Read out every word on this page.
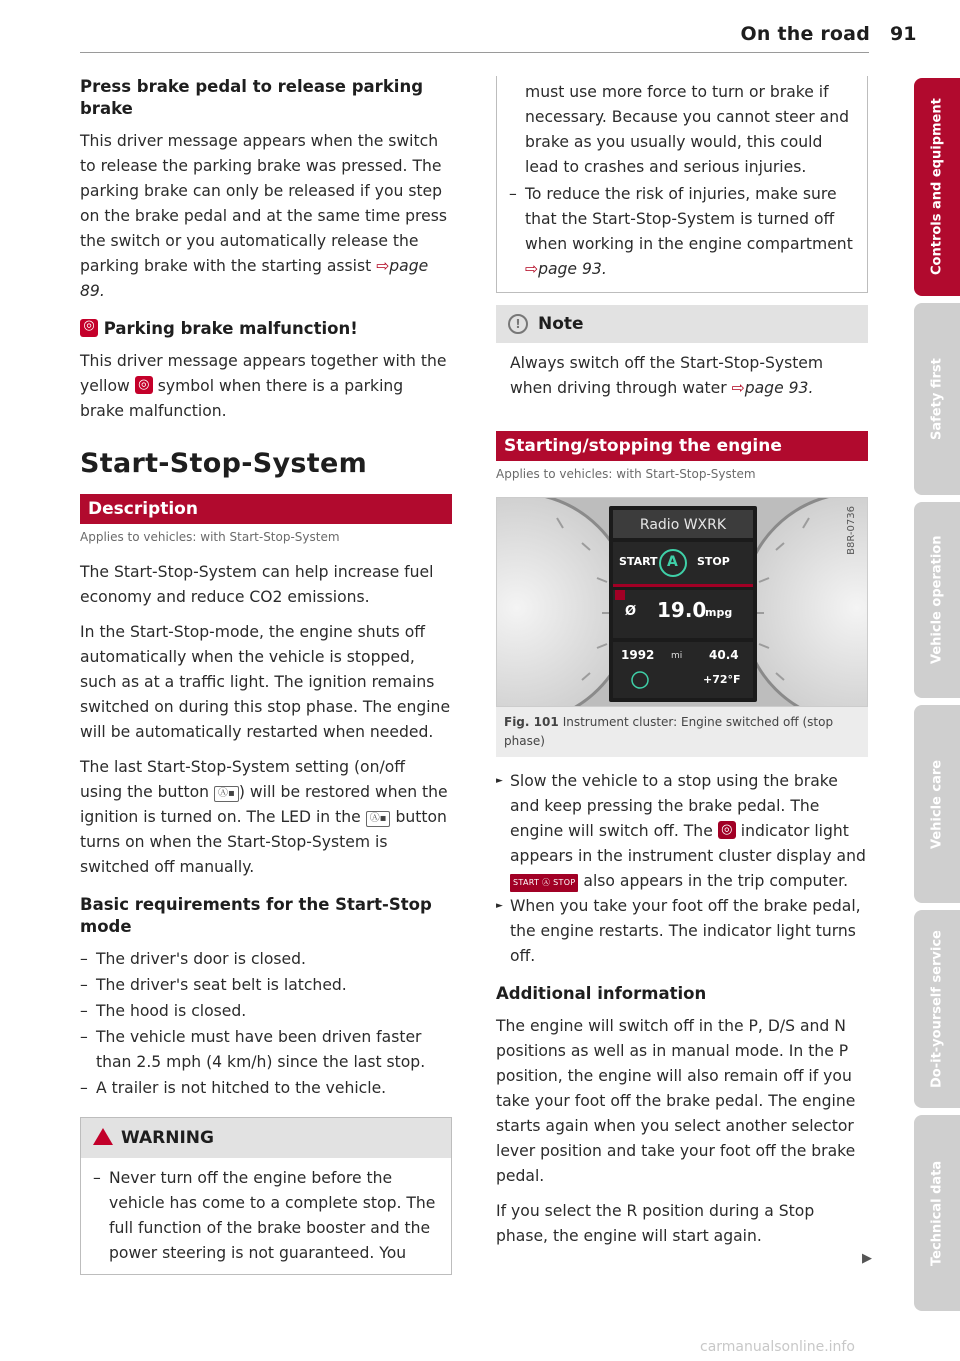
On the road 91
Press brake pedal to release parking brake

This driver message appears when the switch to release the parking brake was pressed. The parking brake can only be released if you step on the brake pedal and at the same time press the switch or you automatically release the parking brake with the starting assist ⇨page 89.

◎ Parking brake malfunction!

This driver message appears together with the yellow ◎ symbol when there is a parking brake malfunction.

Start-Stop-System
Description
Applies to vehicles: with Start-Stop-System

The Start-Stop-System can help increase fuel economy and reduce CO2 emissions.

In the Start-Stop-mode, the engine shuts off automatically when the vehicle is stopped, such as at a traffic light. The ignition remains switched on during this stop phase. The engine will be automatically restarted when needed.

The last Start-Stop-System setting (on/off using the button Ⓐ▪ ) will be restored when the ignition is turned on. The LED in the Ⓐ▪ button turns on when the Start-Stop-System is switched off manually.

Basic requirements for the Start-Stop mode
– The driver's door is closed.
– The driver's seat belt is latched.
– The hood is closed.
– The vehicle must have been driven faster than 2.5 mph (4 km/h) since the last stop.
– A trailer is not hitched to the vehicle.
WARNING
– Never turn off the engine before the vehicle has come to a complete stop. The full function of the brake booster and the power steering is not guaranteed. You

must use more force to turn or brake if necessary. Because you cannot steer and brake as you usually would, this could lead to crashes and serious injuries.

– To reduce the risk of injuries, make sure that the Start-Stop-System is turned off when working in the engine compartment ⇨page 93.
! Note

Always switch off the Start-Stop-System when driving through water ⇨page 93.

Starting/stopping the engine
Applies to vehicles: with Start-Stop-System
Radio WXRK
START A STOP
Ø 19.0
mpg
1992 mi 40.4
+72°F
B8R-0736
Fig. 101 Instrument cluster: Engine switched off (stop phase)
► Slow the vehicle to a stop using the brake and keep pressing the brake pedal. The engine will switch off. The ◎ indicator light appears in the instrument cluster display and START Ⓐ STOP also appears in the trip computer.
► When you take your foot off the brake pedal, the engine restarts. The indicator light turns off.
Additional information

The engine will switch off in the P, D/S and N positions as well as in manual mode. In the P position, the engine will also remain off if you take your foot off the brake pedal. The engine starts again when you select another selector lever position and take your foot off the brake pedal.

If you select the R position during a Stop phase, the engine will start again.

▶
Controls and equipment
Safety first
Vehicle operation
Vehicle care
Do-it-yourself service
Technical data
carmanualsonline.info
